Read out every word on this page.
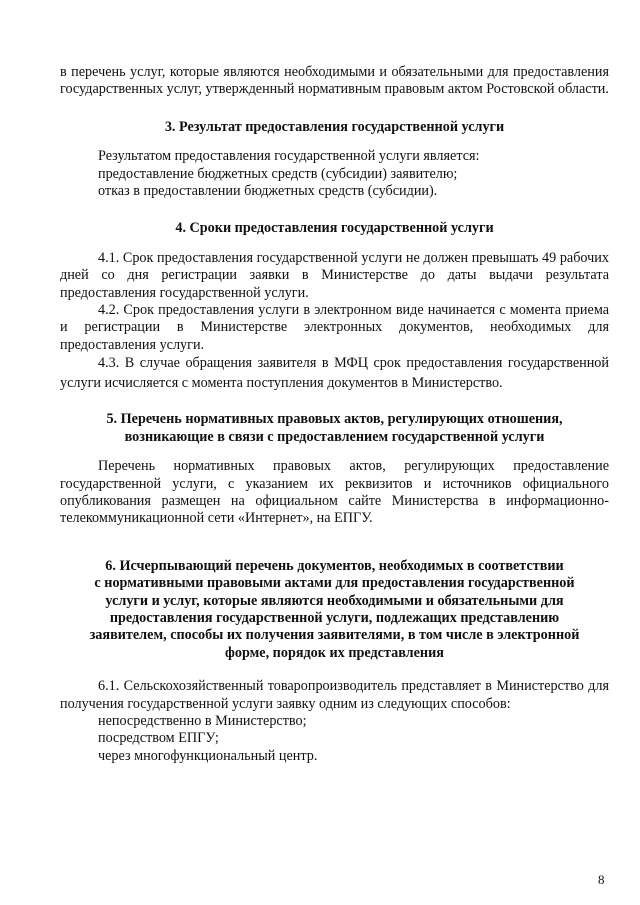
в перечень услуг, которые являются необходимыми и обязательными для предоставления государственных услуг, утвержденный нормативным правовым актом Ростовской области.

3. Результат предоставления государственной услуги

Результатом предоставления государственной услуги является:

предоставление бюджетных средств (субсидии) заявителю;

отказ в предоставлении бюджетных средств (субсидии).

4. Сроки предоставления государственной услуги

4.1. Срок предоставления государственной услуги не должен превышать 49 рабочих дней со дня регистрации заявки в Министерстве до даты выдачи результата предоставления государственной услуги.

4.2. Срок предоставления услуги в электронном виде начинается с момента приема и регистрации в Министерстве электронных документов, необходимых для предоставления услуги.

4.3. В случае обращения заявителя в МФЦ срок предоставления государственной услуги исчисляется с момента поступления документов в Министерство.

5. Перечень нормативных правовых актов, регулирующих отношения,
возникающие в связи с предоставлением государственной услуги

Перечень нормативных правовых актов, регулирующих предоставление государственной услуги, с указанием их реквизитов и источников официального опубликования размещен на официальном сайте Министерства в информационно-телекоммуникационной сети «Интернет», на ЕПГУ.

6. Исчерпывающий перечень документов, необходимых в соответствии
с нормативными правовыми актами для предоставления государственной
услуги и услуг, которые являются необходимыми и обязательными для
предоставления государственной услуги, подлежащих представлению
заявителем, способы их получения заявителями, в том числе в электронной
форме, порядок их представления

6.1. Сельскохозяйственный товаропроизводитель представляет в Министерство для получения государственной услуги заявку одним из следующих способов:

непосредственно в Министерство;

посредством ЕПГУ;

через многофункциональный центр.

8
